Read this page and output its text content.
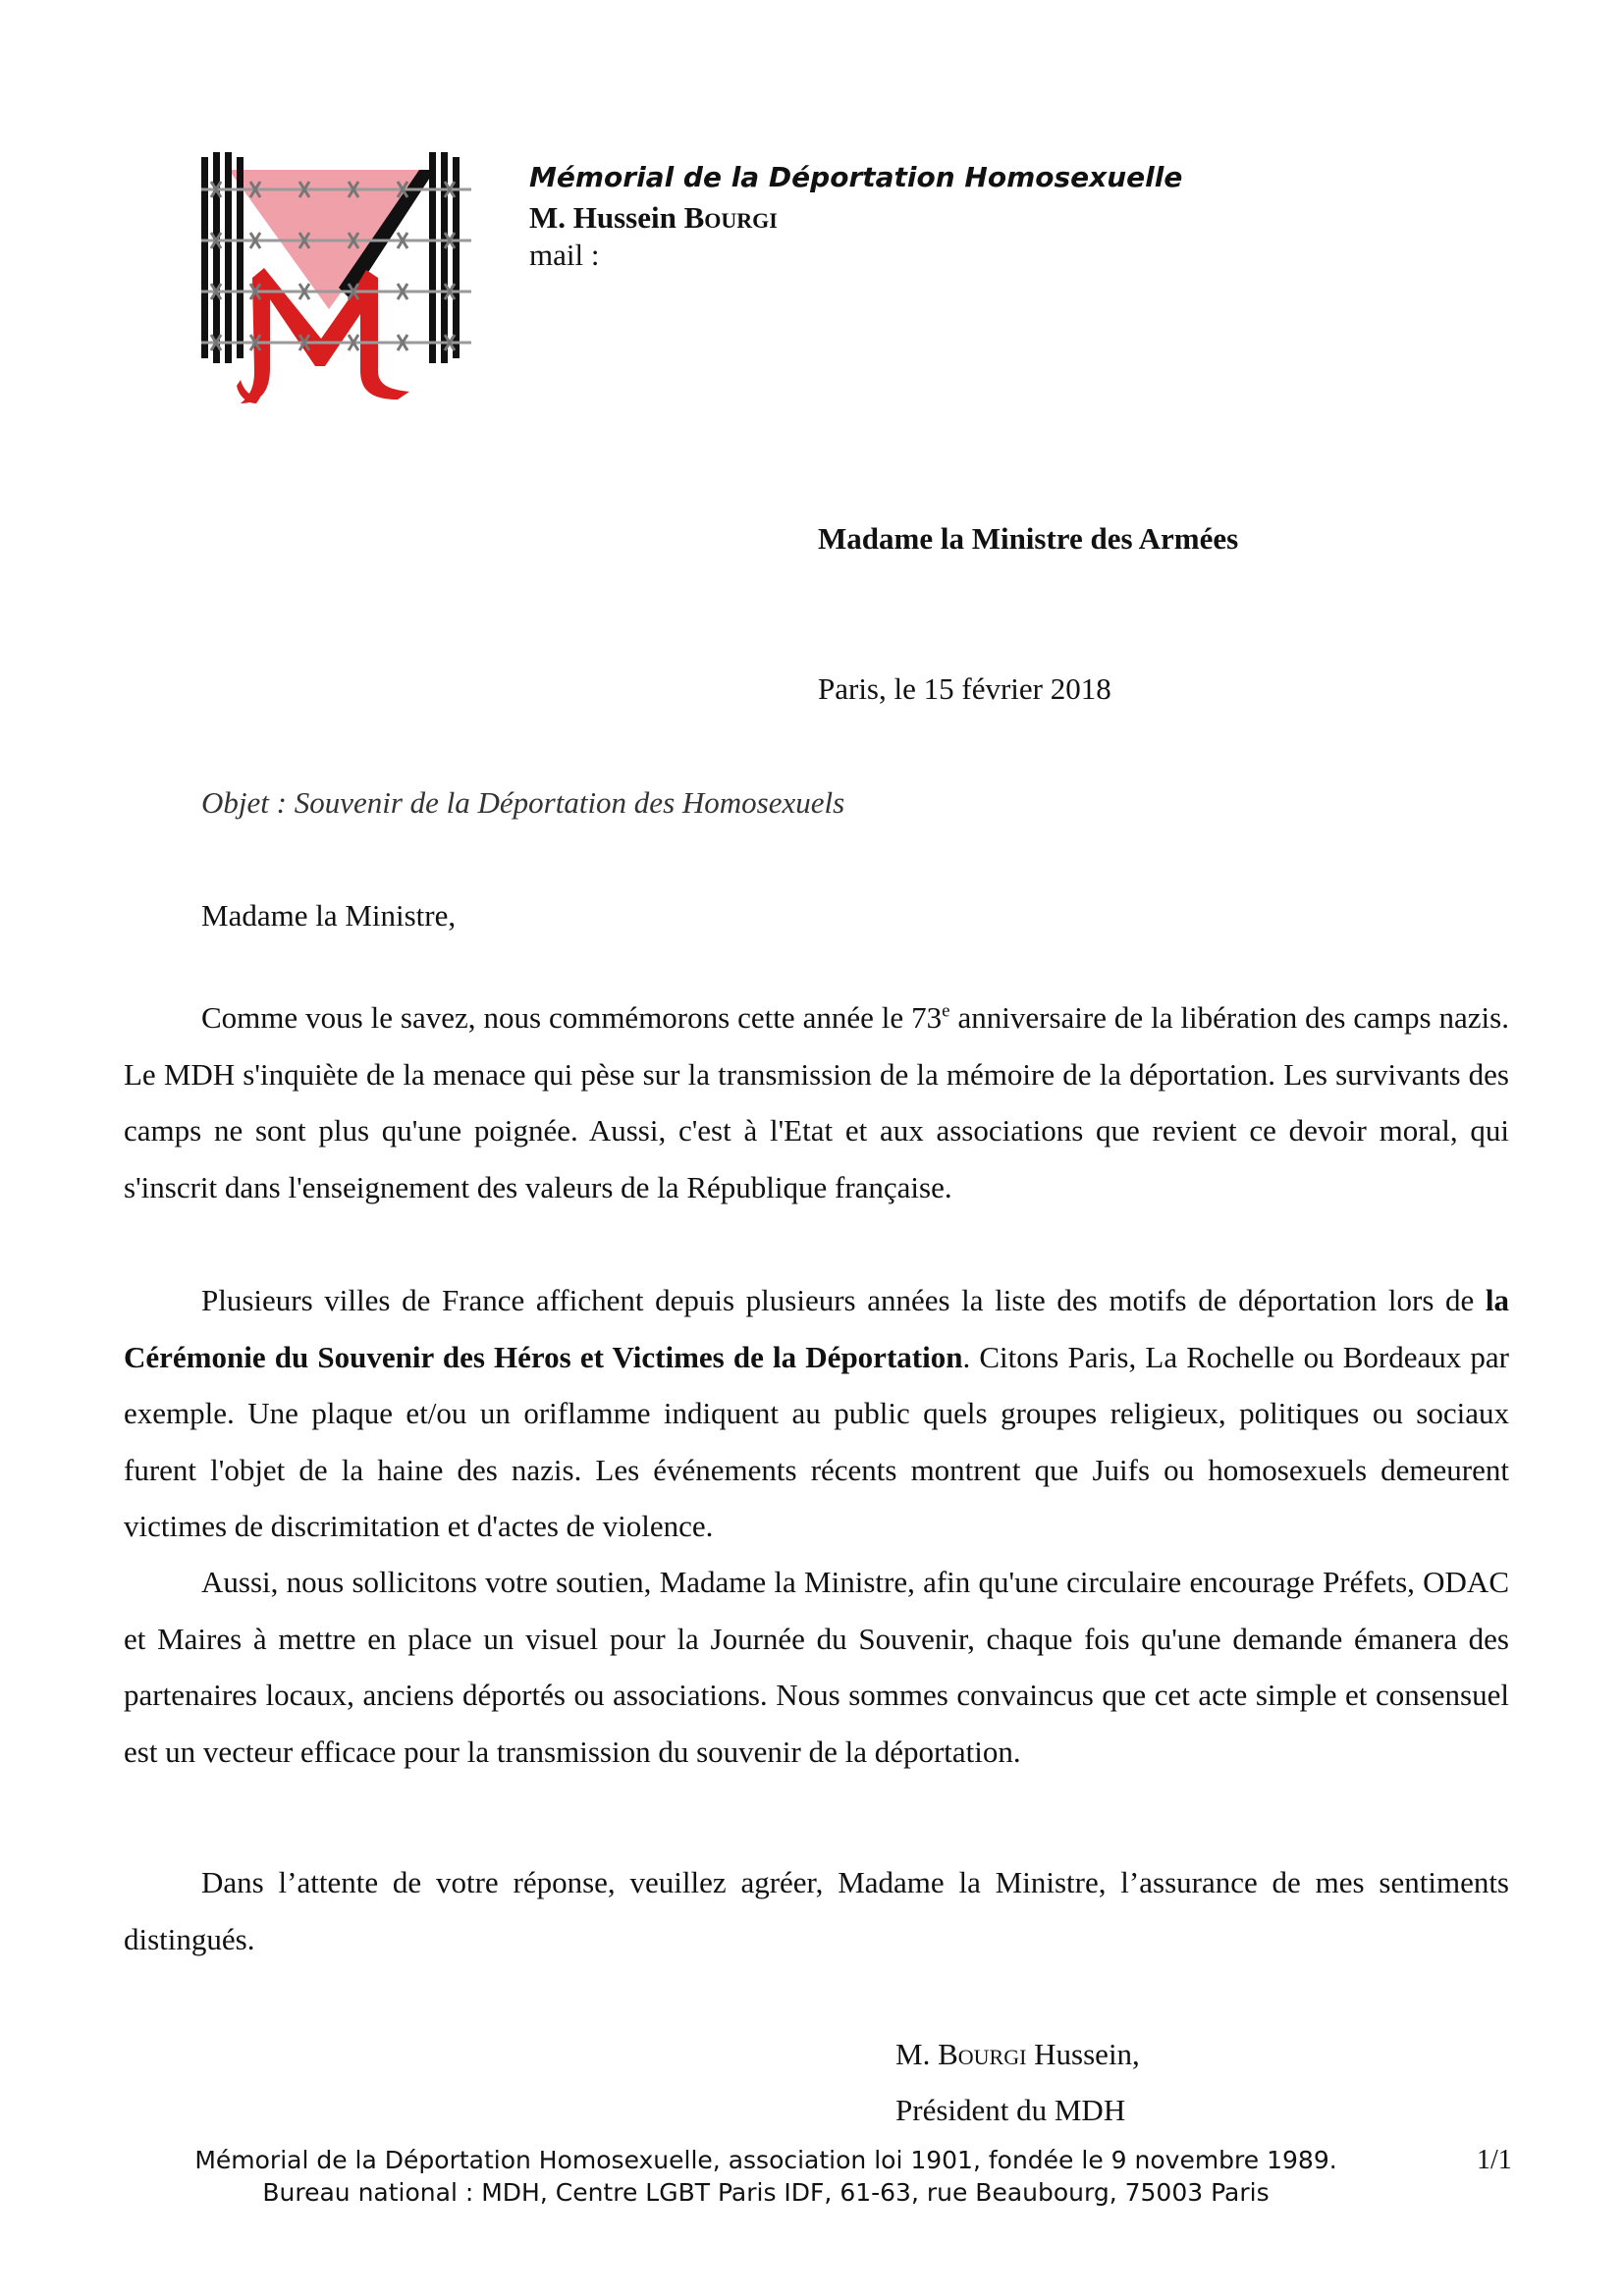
Mémorial de la Déportation Homosexuelle
M. Hussein Bourgi
mail :
Madame la Ministre des Armées
Paris, le 15 février 2018
Objet : Souvenir de la Déportation des Homosexuels
Madame la Ministre,

Comme vous le savez, nous commémorons cette année le 73e anniversaire de la libération des camps nazis. Le MDH s'inquiète de la menace qui pèse sur la transmission de la mémoire de la déportation. Les survivants des camps ne sont plus qu'une poignée. Aussi, c'est à l'Etat et aux associations que revient ce devoir moral, qui s'inscrit dans l'enseignement des valeurs de la République française.

Plusieurs villes de France affichent depuis plusieurs années la liste des motifs de déportation lors de la Cérémonie du Souvenir des Héros et Victimes de la Déportation. Citons Paris, La Rochelle ou Bordeaux par exemple. Une plaque et/ou un oriflamme indiquent au public quels groupes religieux, politiques ou sociaux furent l'objet de la haine des nazis. Les événements récents montrent que Juifs ou homosexuels demeurent victimes de discrimitation et d'actes de violence.

Aussi, nous sollicitons votre soutien, Madame la Ministre, afin qu'une circulaire encourage Préfets, ODAC et Maires à mettre en place un visuel pour la Journée du Souvenir, chaque fois qu'une demande émanera des partenaires locaux, anciens déportés ou associations. Nous sommes convaincus que cet acte simple et consensuel est un vecteur efficace pour la transmission du souvenir de la déportation.

Dans l’attente de votre réponse, veuillez agréer, Madame la Ministre, l’assurance de mes sentiments distingués.

M. Bourgi Hussein,
Président du MDH
Mémorial de la Déportation Homosexuelle, association loi 1901, fondée le 9 novembre 1989.
Bureau national : MDH, Centre LGBT Paris IDF, 61-63, rue Beaubourg, 75003 Paris
1/1
